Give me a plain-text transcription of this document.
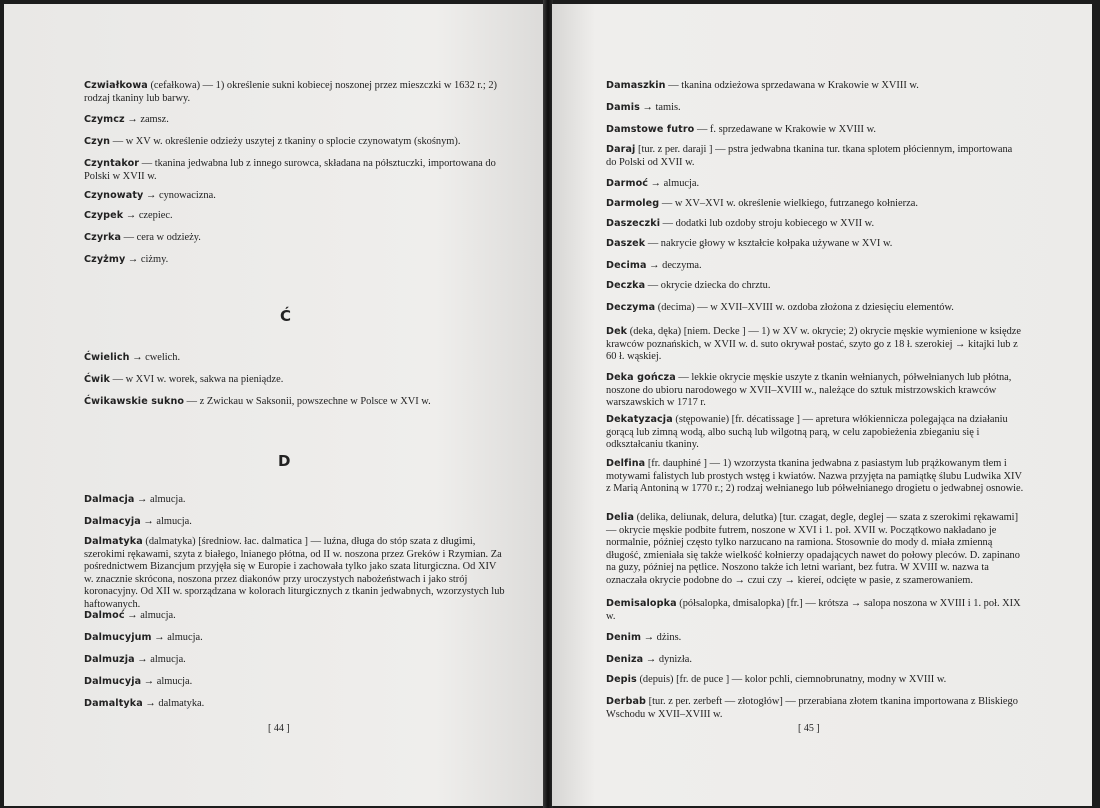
Czwiałkowa (cefałkowa) — 1) określenie sukni kobiecej noszonej przez mieszczki w 1632 r.; 2) rodzaj tkaniny lub barwy.

Czymcz → zamsz.

Czyn — w XV w. określenie odzieży uszytej z tkaniny o splocie czynowatym (skośnym).

Czyntakor — tkanina jedwabna lub z innego surowca, składana na półsztuczki, importowana do Polski w XVII w.

Czynowaty → cynowacizna.

Czypek → czepiec.

Czyrka — cera w odzieży.

Czyżmy → ciżmy.

Ćwielich → cwelich.

Ćwik — w XVI w. worek, sakwa na pieniądze.

Ćwikawskie sukno — z Zwickau w Saksonii, powszechne w Polsce w XVI w.

Dalmacja → almucja.

Dalmacyja → almucja.

Dalmatyka (dalmatyka) [średniow. łac. dalmatica ] — luźna, długa do stóp szata z długimi, szerokimi rękawami, szyta z białego, lnianego płótna, od II w. noszona przez Greków i Rzymian. Za pośrednictwem Bizancjum przyjęła się w Europie i zachowała tylko jako szata liturgiczna. Od XIV w. znacznie skrócona, noszona przez diakonów przy uroczystych nabożeństwach i jako strój koronacyjny. Od XII w. sporządzana w kolorach liturgicznych z tkanin jedwabnych, wzorzystych lub haftowanych.

Dalmoć → almucja.

Dalmucyjum → almucja.

Dalmuzja → almucja.

Dalmucyja → almucja.

Damaltyka → dalmatyka.

Ć
D
[ 44 ]

Damaszkin — tkanina odzieżowa sprzedawana w Krakowie w XVIII w.

Damis → tamis.

Damstowe futro — f. sprzedawane w Krakowie w XVIII w.

Daraj [tur. z per. daraji ] — pstra jedwabna tkanina tur. tkana splotem płóciennym, importowana do Polski od XVII w.

Darmoć → almucja.

Darmoleg — w XV–XVI w. określenie wielkiego, futrzanego kołnierza.

Daszeczki — dodatki lub ozdoby stroju kobiecego w XVII w.

Daszek — nakrycie głowy w kształcie kołpaka używane w XVI w.

Decima → deczyma.

Deczka — okrycie dziecka do chrztu.

Deczyma (decima) — w XVII–XVIII w. ozdoba złożona z dziesięciu elementów.

Dek (deka, dęka) [niem. Decke ] — 1) w XV w. okrycie; 2) okrycie męskie wymienione w księdze krawców poznańskich, w XVII w. d. suto okrywał postać, szyto go z 18 ł. szerokiej → kitajki lub z 60 ł. wąskiej.

Deka gończa — lekkie okrycie męskie uszyte z tkanin wełnianych, półwełnianych lub płótna, noszone do ubioru narodowego w XVII–XVIII w., należące do sztuk mistrzowskich krawców warszawskich w 1717 r.

Dekatyzacja (stępowanie) [fr. décatissage ] — apretura włókiennicza polegająca na działaniu gorącą lub zimną wodą, albo suchą lub wilgotną parą, w celu zapobieżenia zbieganiu się i odkształcaniu tkaniny.

Delfina [fr. dauphiné ] — 1) wzorzysta tkanina jedwabna z pasiastym lub prążkowanym tłem i motywami falistych lub prostych wstęg i kwiatów. Nazwa przyjęta na pamiątkę ślubu Ludwika XIV z Marią Antoniną w 1770 r.; 2) rodzaj wełnianego lub półwełnianego drogietu o jedwabnej osnowie.

Delia (delika, deliunak, delura, delutka) [tur. czagat, degle, deglej — szata z szerokimi rękawami] — okrycie męskie podbite futrem, noszone w XVI i 1. poł. XVII w. Początkowo nakładano je normalnie, później często tylko narzucano na ramiona. Stosownie do mody d. miała zmienną długość, zmieniała się także wielkość kołnierzy opadających nawet do połowy pleców. D. zapinano na guzy, później na pętlice. Noszono także ich letni wariant, bez futra. W XVIII w. nazwa ta oznaczała okrycie podobne do → czui czy → kiereí, odcięte w pasie, z szamerowaniem.

Demisalopka (półsalopka, dmisalopka) [fr.] — krótsza → salopa noszona w XVIII i 1. poł. XIX w.

Denim → dżins.

Deniza → dynizła.

Depis (depuis) [fr. de puce ] — kolor pchli, ciemnobrunatny, modny w XVIII w.

Derbab [tur. z per. zerbeft — złotogłów] — przerabiana złotem tkanina importowana z Bliskiego Wschodu w XVII–XVIII w.

[ 45 ]
